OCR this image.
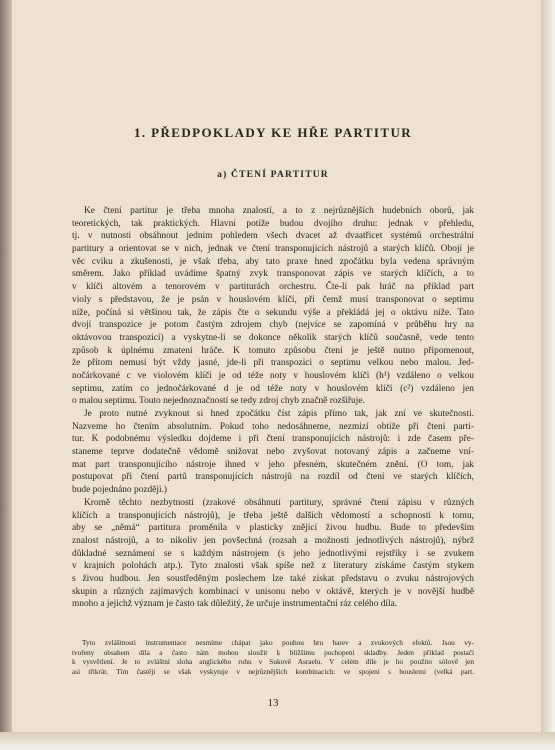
1. PŘEDPOKLADY KE HŘE PARTITUR
a) ČTENÍ PARTITUR
Ke čtení partitur je třeba mnoha znalostí, a to z nejrůznějších hudebních oborů, jak
teoretických, tak praktických. Hlavní potíže budou dvojího druhu: jednak v přehledu,
tj. v nutnosti obsáhnout jedním pohledem všech dvacet až dvaatřicet systémů orchestrální
partitury a orientovat se v nich, jednak ve čtení transponujících nástrojů a starých klíčů. Obojí je
věc cviku a zkušenosti, je však třeba, aby tato praxe hned zpočátku byla vedena správným
směrem. Jako příklad uvádíme špatný zvyk transponovat zápis ve starých klíčích, a to
v klíči altovém a tenorovém v partiturách orchestru. Čte-li pak hráč na příklad part
violy s představou, že je psán v houslovém klíči, při čemž musí transponovat o septimu
níže, počíná si většinou tak, že zápis čte o sekundu výše a překládá jej o oktávu níže. Tato
dvojí transpozice je potom častým zdrojem chyb (nejvíce se zapomíná v průběhu hry na
oktávovou transpozici) a vyskytne-li se dokonce několik starých klíčů současně, vede tento
způsob k úplnému zmatení hráče. K tomuto způsobu čtení je ještě nutno připomenout,
že přitom nemusí být vždy jasné, jde-li při transpozici o septimu velkou nebo malou. Jed-
nočárkované c ve violovém klíči je od téže noty v houslovém klíči (h¹) vzdáleno o velkou
septimu, zatím co jednočárkované d je od téže noty v houslovém klíči (c²) vzdáleno jen
o malou septimu. Touto nejednoznačností se tedy zdroj chyb značně rozšiřuje.
Je proto nutné zvyknout si hned zpočátku číst zápis přímo tak, jak zní ve skutečnosti.
Nazveme ho čtením absolutním. Pokud toho nedosáhneme, nezmizí obtíže při čtení parti-
tur. K podobnému výsledku dojdeme i při čtení transponujících nástrojů: i zde časem pře-
staneme teprve dodatečně vědomě snižovat nebo zvyšovat notovaný zápis a začneme vní-
mat part transponujícího nástroje ihned v jeho přesném, skutečném znění. (O tom, jak
postupovat při čtení partů transponujících nástrojů na rozdíl od čtení ve starých klíčích,
bude pojednáno později.)
Kromě těchto nezbytností (zrakové obsáhnutí partitury, správné čtení zápisu v různých
klíčích a transponujících nástrojů), je třeba ještě dalších vědomostí a schopností k tomu,
aby se „němá“ partitura proměnila v plasticky znějící živou hudbu. Bude to především
znalost nástrojů, a to nikoliv jen povšechná (rozsah a možnosti jednotlivých nástrojů), nýbrž
důkladné seznámení se s každým nástrojem (s jeho jednotlivými rejstříky i se zvukem
v krajních polohách atp.). Tyto znalosti však spíše než z literatury získáme častým stykem
s živou hudbou. Jen soustředěným poslechem lze také získat představu o zvuku nástrojových
skupin a různých zajímavých kombinací v unisonu nebo v oktávě, kterých je v novější hudbě
mnoho a jejichž význam je často tak důležitý, že určuje instrumentační ráz celého díla.
Tyto zvláštnosti instrumentace nesmíme chápat jako pouhou hru barev a zvukových efektů. Jsou vy-
tvořeny obsahem díla a často nám mohou sloužit k bližšímu pochopení skladby. Jeden příklad postačí
k vysvětlení. Je to zvláštní sloha anglického rohu v Sukově Asraelu. V celém díle je ho použito sólově jen
asi třikrát. Tím častěji se však vyskytuje v nejrůznějších kombinacích: ve spojení s houslemi (velká part.
13
